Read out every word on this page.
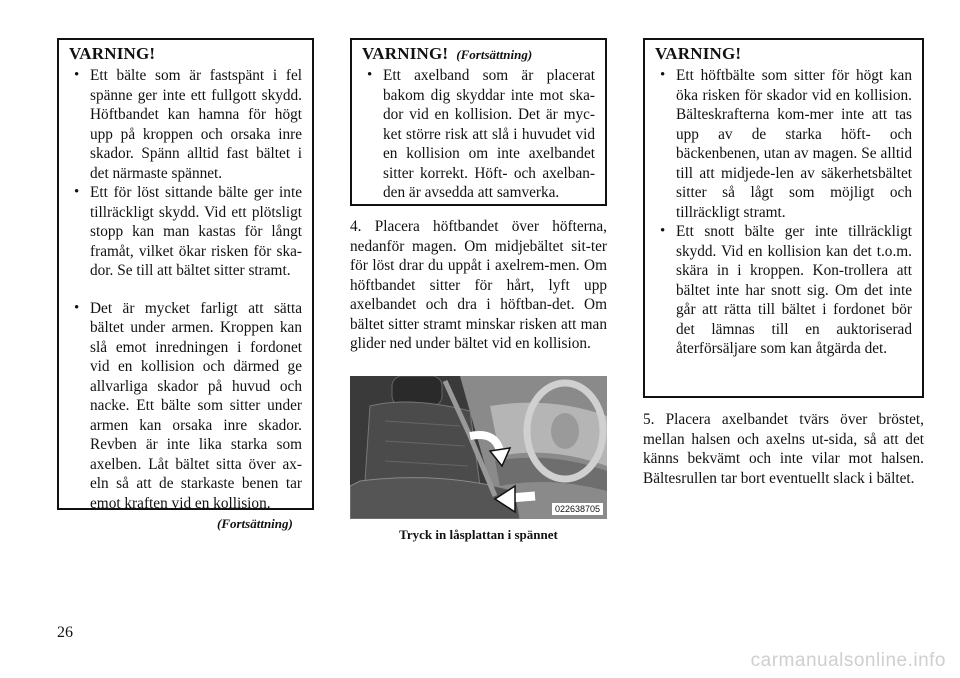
VARNING!
• Ett bälte som är fastspänt i fel spänne ger inte ett fullgott skydd. Höftbandet kan hamna för högt upp på kroppen och orsaka inre skador. Spänn alltid fast bältet i det närmaste spännet.
• Ett för löst sittande bälte ger inte tillräckligt skydd. Vid ett plötsligt stopp kan man kastas för långt framåt, vilket ökar risken för ska-dor. Se till att bältet sitter stramt.
• Det är mycket farligt att sätta bältet under armen. Kroppen kan slå emot inredningen i fordonet vid en kollision och därmed ge allvarliga skador på huvud och nacke. Ett bälte som sitter under armen kan orsaka inre skador. Revben är inte lika starka som axelben. Låt bältet sitta över ax-eln så att de starkaste benen tar emot kraften vid en kollision.
(Fortsättning)
VARNING! (Fortsättning)
• Ett axelband som är placerat bakom dig skyddar inte mot ska-dor vid en kollision. Det är myc-ket större risk att slå i huvudet vid en kollision om inte axelbandet sitter korrekt. Höft- och axelban-den är avsedda att samverka.
4. Placera höftbandet över höfterna, nedanför magen. Om midjebältet sit-ter för löst drar du uppåt i axelrem-men. Om höftbandet sitter för hårt, lyft upp axelbandet och dra i höftban-det. Om bältet sitter stramt minskar risken att man glider ned under bältet vid en kollision.
022638705
Tryck in låsplattan i spännet
VARNING!
• Ett höftbälte som sitter för högt kan öka risken för skador vid en kollision. Bälteskrafterna kom-mer inte att tas upp av de starka höft- och bäckenbenen, utan av magen. Se alltid till att midjede-len av säkerhetsbältet sitter så lågt som möjligt och tillräckligt stramt.
• Ett snott bälte ger inte tillräckligt skydd. Vid en kollision kan det t.o.m. skära in i kroppen. Kon-trollera att bältet inte har snott sig. Om det inte går att rätta till bältet i fordonet bör det lämnas till en auktoriserad återförsäljare som kan åtgärda det.
5. Placera axelbandet tvärs över bröstet, mellan halsen och axelns ut-sida, så att det känns bekvämt och inte vilar mot halsen. Bältesrullen tar bort eventuellt slack i bältet.
26
carmanualsonline.info
